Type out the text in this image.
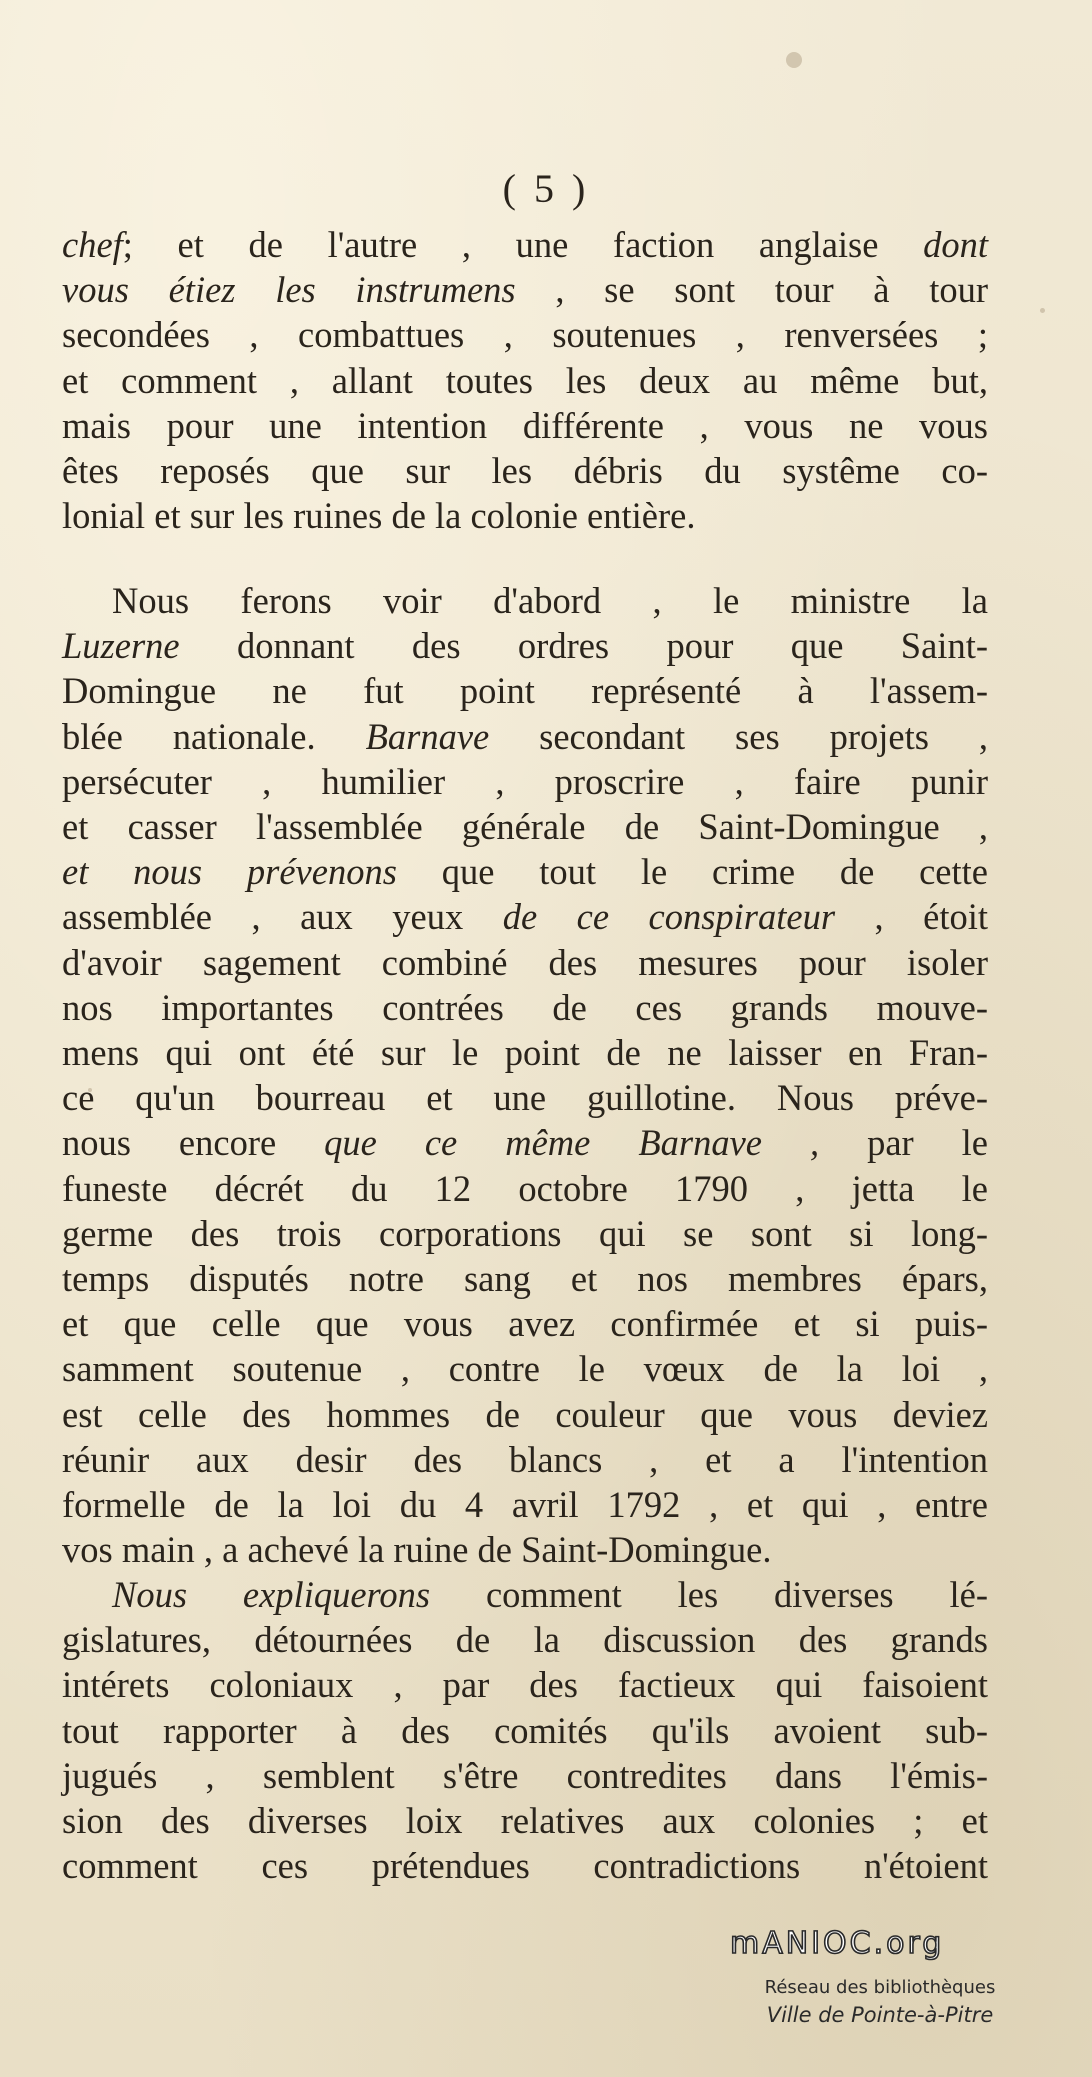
( 5 )
chef; et de l'autre , une faction anglaise dont
vous étiez les instrumens , se sont tour à tour
secondées , combattues , soutenues , renversées ;
et comment , allant toutes les deux au même but,
mais pour une intention différente , vous ne vous
êtes reposés que sur les débris du systême co-
lonial et sur les ruines de la colonie entière.
Nous ferons voir d'abord , le ministre la
Luzerne donnant des ordres pour que Saint-
Domingue ne fut point représenté à l'assem-
blée nationale. Barnave secondant ses projets ,
persécuter , humilier , proscrire , faire punir
et casser l'assemblée générale de Saint-Domingue ,
et nous prévenons que tout le crime de cette
assemblée , aux yeux de ce conspirateur , étoit
d'avoir sagement combiné des mesures pour isoler
nos importantes contrées de ces grands mouve-
mens qui ont été sur le point de ne laisser en Fran-
ce qu'un bourreau et une guillotine. Nous préve-
nous encore que ce même Barnave , par le
funeste décrét du 12 octobre 1790 , jetta le
germe des trois corporations qui se sont si long-
temps disputés notre sang et nos membres épars,
et que celle que vous avez confirmée et si puis-
samment soutenue , contre le vœux de la loi ,
est celle des hommes de couleur que vous deviez
réunir aux desir des blancs , et a l'intention
formelle de la loi du 4 avril 1792 , et qui , entre
vos main , a achevé la ruine de Saint-Domingue.
Nous expliquerons comment les diverses lé-
gislatures, détournées de la discussion des grands
intérets coloniaux , par des factieux qui faisoient
tout rapporter à des comités qu'ils avoient sub-
jugués , semblent s'être contredites dans l'émis-
sion des diverses loix relatives aux colonies ; et
comment ces prétendues contradictions n'étoient
mANIOC.org
Réseau des bibliothèques
Ville de Pointe-à-Pitre
